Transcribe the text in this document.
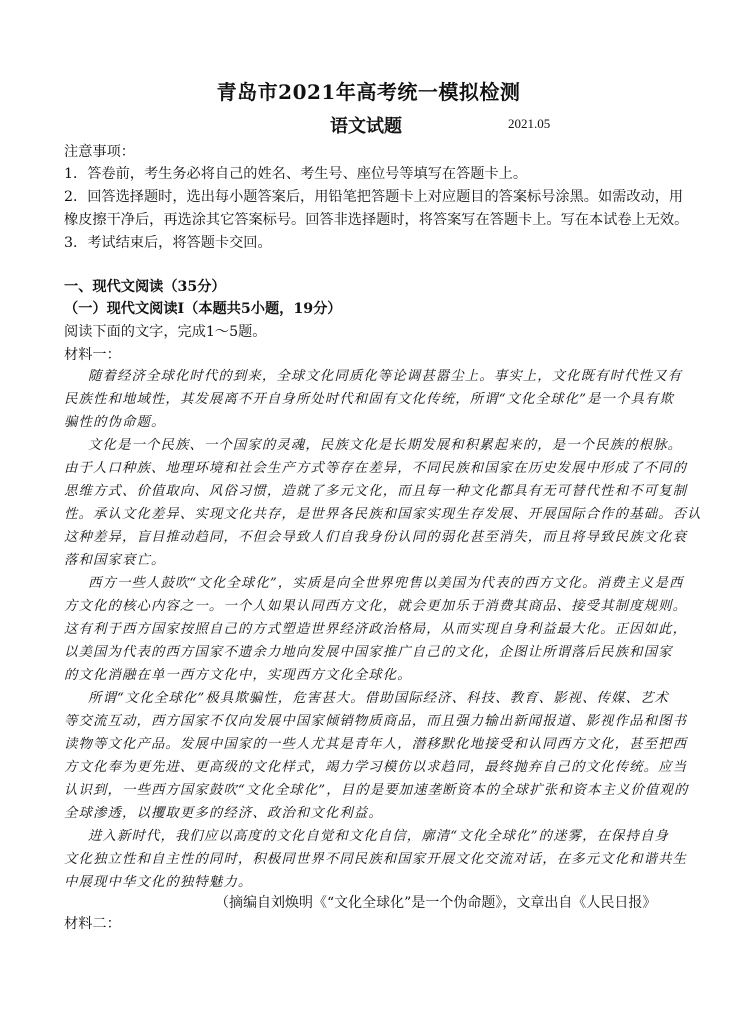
青岛市2021年高考统一模拟检测
语文试题	2021.05
注意事项：
1．答卷前，考生务必将自己的姓名、考生号、座位号等填写在答题卡上。
2．回答选择题时，选出每小题答案后，用铅笔把答题卡上对应题目的答案标号涂黑。如需改动，用
橡皮擦干净后，再选涂其它答案标号。回答非选择题时，将答案写在答题卡上。写在本试卷上无效。
3．考试结束后，将答题卡交回。
一、现代文阅读（35分）
（一）现代文阅读Ⅰ（本题共5小题，19分）
阅读下面的文字，完成1～5题。
材料一：
随着经济全球化时代的到来，全球文化同质化等论调甚嚣尘上。事实上，文化既有时代性又有
民族性和地域性，其发展离不开自身所处时代和固有文化传统，所谓“文化全球化”是一个具有欺
骗性的伪命题。
文化是一个民族、一个国家的灵魂，民族文化是长期发展和积累起来的，是一个民族的根脉。
由于人口种族、地理环境和社会生产方式等存在差异，不同民族和国家在历史发展中形成了不同的
思维方式、价值取向、风俗习惯，造就了多元文化，而且每一种文化都具有无可替代性和不可复制
性。承认文化差异、实现文化共存，是世界各民族和国家实现生存发展、开展国际合作的基础。否认
这种差异，盲目推动趋同，不但会导致人们自我身份认同的弱化甚至消失，而且将导致民族文化衰
落和国家衰亡。
西方一些人鼓吹“文化全球化”，实质是向全世界兜售以美国为代表的西方文化。消费主义是西
方文化的核心内容之一。一个人如果认同西方文化，就会更加乐于消费其商品、接受其制度规则。
这有利于西方国家按照自己的方式塑造世界经济政治格局，从而实现自身利益最大化。正因如此，
以美国为代表的西方国家不遗余力地向发展中国家推广自己的文化，企图让所谓落后民族和国家
的文化消融在单一西方文化中，实现西方文化全球化。
所谓“文化全球化”极具欺骗性，危害甚大。借助国际经济、科技、教育、影视、传媒、艺术
等交流互动，西方国家不仅向发展中国家倾销物质商品，而且强力输出新闻报道、影视作品和图书
读物等文化产品。发展中国家的一些人尤其是青年人，潜移默化地接受和认同西方文化，甚至把西
方文化奉为更先进、更高级的文化样式，竭力学习模仿以求趋同，最终抛弃自己的文化传统。应当
认识到，一些西方国家鼓吹“文化全球化”，目的是要加速垄断资本的全球扩张和资本主义价值观的
全球渗透，以攫取更多的经济、政治和文化利益。
进入新时代，我们应以高度的文化自觉和文化自信，廓清“文化全球化”的迷雾，在保持自身
文化独立性和自主性的同时，积极同世界不同民族和国家开展文化交流对话，在多元文化和谐共生
中展现中华文化的独特魅力。
（摘编自刘焕明《“文化全球化”是一个伪命题》，文章出自《人民日报》
材料二：
